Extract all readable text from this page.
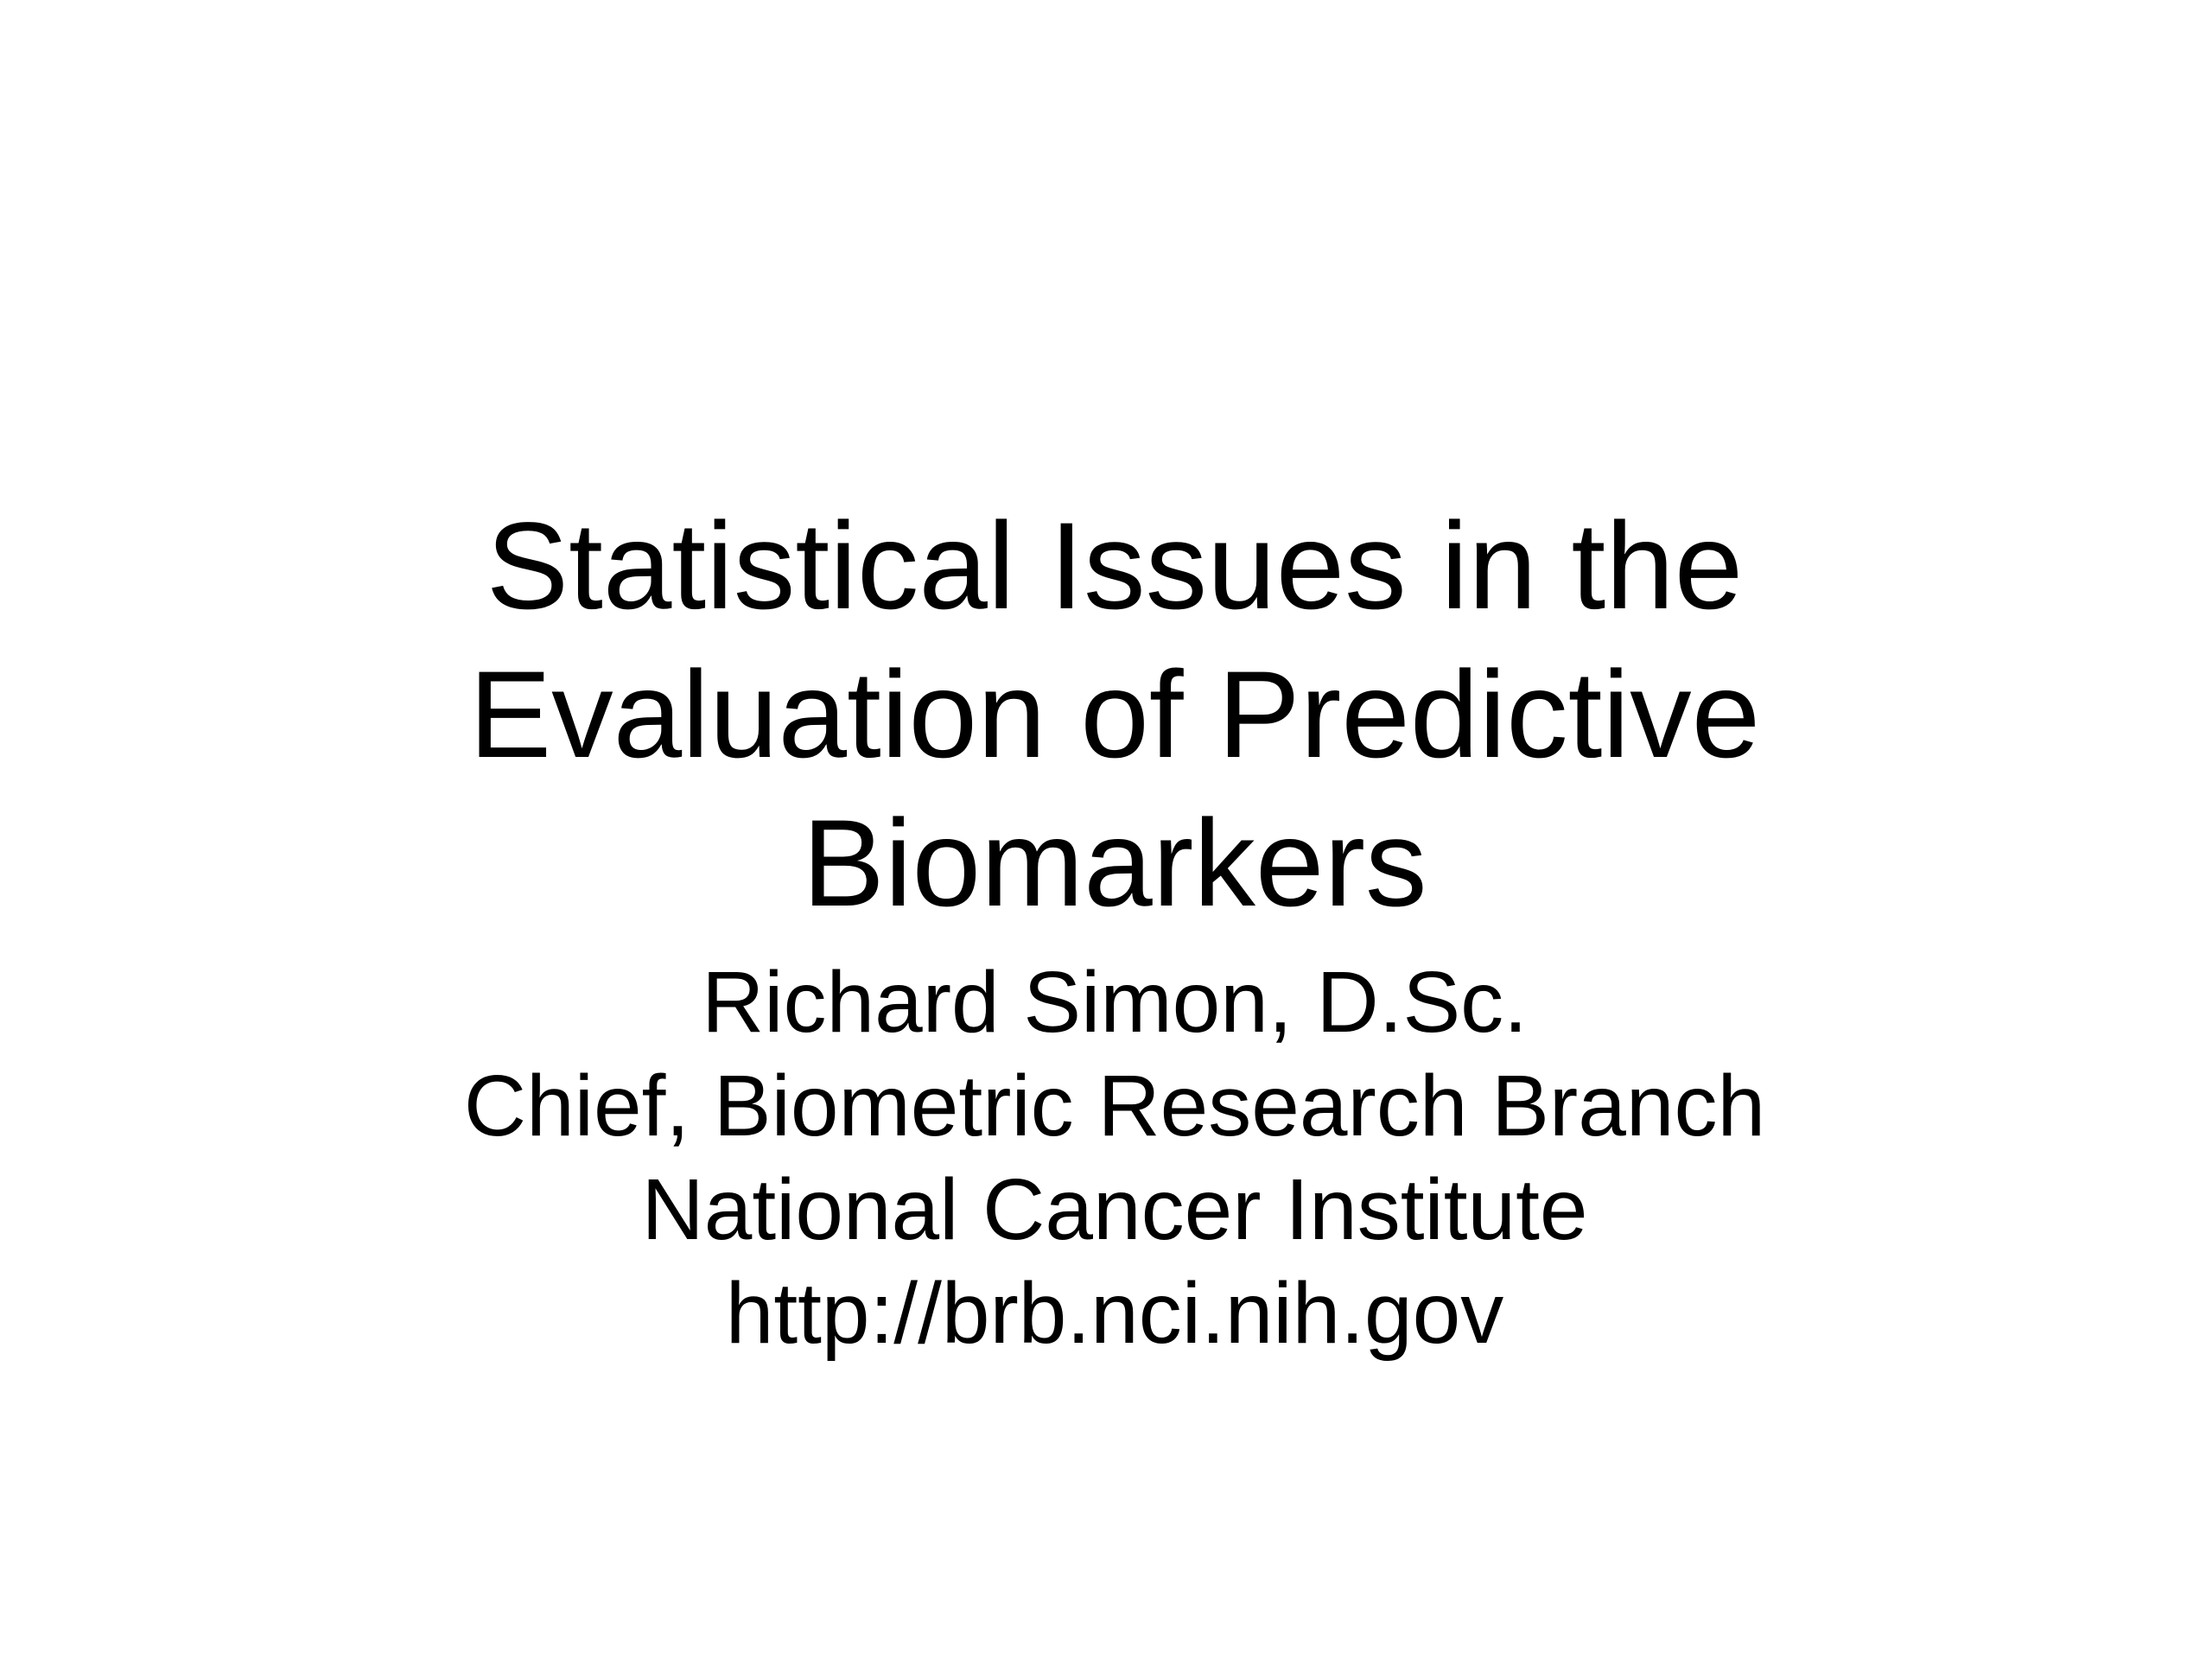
Statistical Issues in the
Evaluation of Predictive
Biomarkers
Richard Simon, D.Sc.
Chief, Biometric Research Branch
National Cancer Institute
http://brb.nci.nih.gov
